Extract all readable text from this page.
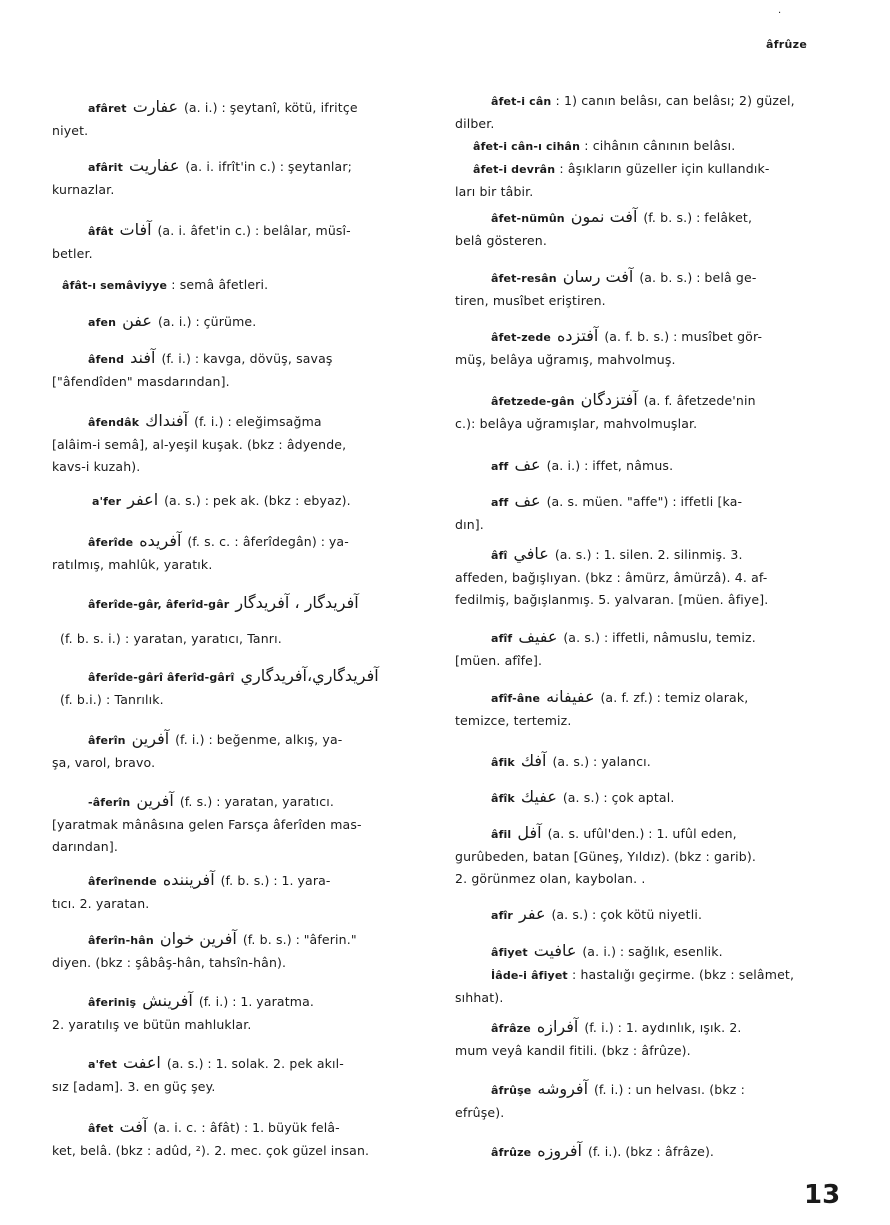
·
âfrûze
afâret عفارت (a. i.) : şeytanî, kötü, ifritçe
niyet.
afârit عفاريت (a. i. ifrît'in c.) : şeytanlar;
kurnazlar.
âfât آفات (a. i. âfet'in c.) : belâlar, müsî-
betler.
âfât-ı semâviyye : semâ âfetleri.
afen عفن (a. i.) : çürüme.
âfend آفند (f. i.) : kavga, dövüş, savaş
["âfendîden" masdarından].
âfendâk آفنداك (f. i.) : eleğimsağma
[alâim-i semâ], al-yeşil kuşak. (bkz : âdyende,
kavs-i kuzah).
a'fer اعفر (a. s.) : pek ak. (bkz : ebyaz).
âferîde آفريده (f. s. c. : âferîdegân) : ya-
ratılmış, mahlûk, yaratık.
âferîde-gâr, âferîd-gâr آفريدگار ، آفريدگار
(f. b. s. i.) : yaratan, yaratıcı, Tanrı.
âferîde-gârî âferîd-gârî آفريدگاري،آفريدگاري
(f. b.i.) : Tanrılık.
âferîn آفرين (f. i.) : beğenme, alkış, ya-
şa, varol, bravo.
-âferîn آفرين (f. s.) : yaratan, yaratıcı.
[yaratmak mânâsına gelen Farsça âferîden mas-
darından].
âferînende آفريننده (f. b. s.) : 1. yara-
tıcı. 2. yaratan.
âferîn-hân آفرين خوان (f. b. s.) : "âferin."
diyen. (bkz : şâbâş-hân, tahsîn-hân).
âferiniş آفرينش (f. i.) : 1. yaratma.
2. yaratılış ve bütün mahluklar.
a'fet اعفت (a. s.) : 1. solak. 2. pek akıl-
sız [adam]. 3. en güç şey.
âfet آفت (a. i. c. : âfât) : 1. büyük felâ-
ket, belâ. (bkz : adûd, ²). 2. mec. çok güzel insan.
âfet-i cân : 1) canın belâsı, can belâsı; 2) güzel,
dilber.
âfet-i cân-ı cihân : cihânın cânının belâsı.
âfet-i devrân : âşıkların güzeller için kullandık-
ları bir tâbir.
âfet-nümûn آفت نمون (f. b. s.) : felâket,
belâ gösteren.
âfet-resân آفت رسان (a. b. s.) : belâ ge-
tiren, musîbet eriştiren.
âfet-zede آفتزده (a. f. b. s.) : musîbet gör-
müş, belâya uğramış, mahvolmuş.
âfetzede-gân آفتزدگان (a. f. âfetzede'nin
c.): belâya uğramışlar, mahvolmuşlar.
aff عف (a. i.) : iffet, nâmus.
aff عف (a. s. müen. "affe") : iffetli [ka-
dın].
âfî عافي (a. s.) : 1. silen. 2. silinmiş. 3.
affeden, bağışlıyan. (bkz : âmürz, âmürzâ). 4. af-
fedilmiş, bağışlanmış. 5. yalvaran. [müen. âfiye].
afîf عفيف (a. s.) : iffetli, nâmuslu, temiz.
[müen. afîfe].
afîf-âne عفيفانه (a. f. zf.) : temiz olarak,
temizce, tertemiz.
âfik آفك (a. s.) : yalancı.
âfîk عفيك (a. s.) : çok aptal.
âfil آفل (a. s. ufûl'den.) : 1. ufûl eden,
gurûbeden, batan [Güneş, Yıldız). (bkz : garib).
2. görünmez olan, kaybolan. .
afîr عفر (a. s.) : çok kötü niyetli.
âfiyet عافيت (a. i.) : sağlık, esenlik.
İâde-i âfiyet : hastalığı geçirme. (bkz : selâmet,
sıhhat).
âfrâze آفرازه (f. i.) : 1. aydınlık, ışık. 2.
mum veyâ kandil fitili. (bkz : âfrûze).
âfrûşe آفروشه (f. i.) : un helvası. (bkz :
efrûşe).
âfrûze آفروزه (f. i.). (bkz : âfrâze).
13
